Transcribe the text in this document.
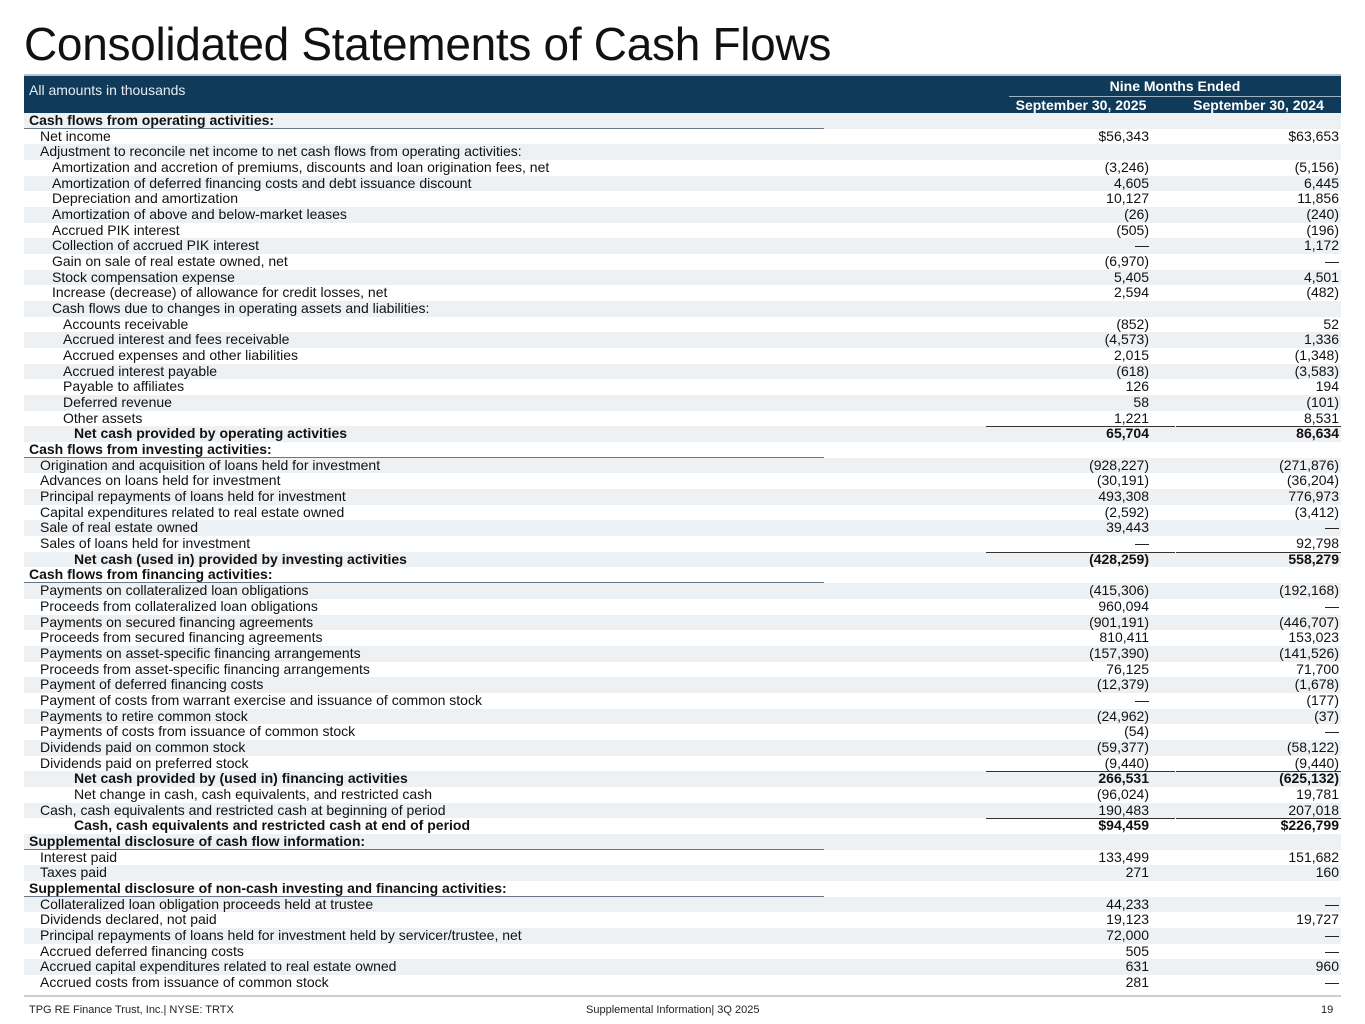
Consolidated Statements of Cash Flows
All amounts in thousands	Nine Months Ended
September 30, 2025	September 30, 2024
Cash flows from operating activities:
Net income	$56,343	$63,653
Adjustment to reconcile net income to net cash flows from operating activities:
Amortization and accretion of premiums, discounts and loan origination fees, net	(3,246)	(5,156)
Amortization of deferred financing costs and debt issuance discount	4,605	6,445
Depreciation and amortization	10,127	11,856
Amortization of above and below-market leases	(26)	(240)
Accrued PIK interest	(505)	(196)
Collection of accrued PIK interest	—	1,172
Gain on sale of real estate owned, net	(6,970)	—
Stock compensation expense	5,405	4,501
Increase (decrease) of allowance for credit losses, net	2,594	(482)
Cash flows due to changes in operating assets and liabilities:
Accounts receivable	(852)	52
Accrued interest and fees receivable	(4,573)	1,336
Accrued expenses and other liabilities	2,015	(1,348)
Accrued interest payable	(618)	(3,583)
Payable to affiliates	126	194
Deferred revenue	58	(101)
Other assets	1,221	8,531
Net cash provided by operating activities	65,704	86,634
Cash flows from investing activities:
Origination and acquisition of loans held for investment	(928,227)	(271,876)
Advances on loans held for investment	(30,191)	(36,204)
Principal repayments of loans held for investment	493,308	776,973
Capital expenditures related to real estate owned	(2,592)	(3,412)
Sale of real estate owned	39,443	—
Sales of loans held for investment	—	92,798
Net cash (used in) provided by investing activities	(428,259)	558,279
Cash flows from financing activities:
Payments on collateralized loan obligations	(415,306)	(192,168)
Proceeds from collateralized loan obligations	960,094	—
Payments on secured financing agreements	(901,191)	(446,707)
Proceeds from secured financing agreements	810,411	153,023
Payments on asset-specific financing arrangements	(157,390)	(141,526)
Proceeds from asset-specific financing arrangements	76,125	71,700
Payment of deferred financing costs	(12,379)	(1,678)
Payment of costs from warrant exercise and issuance of common stock	—	(177)
Payments to retire common stock	(24,962)	(37)
Payments of costs from issuance of common stock	(54)	—
Dividends paid on common stock	(59,377)	(58,122)
Dividends paid on preferred stock	(9,440)	(9,440)
Net cash provided by (used in) financing activities	266,531	(625,132)
Net change in cash, cash equivalents, and restricted cash	(96,024)	19,781
Cash, cash equivalents and restricted cash at beginning of period	190,483	207,018
Cash, cash equivalents and restricted cash at end of period	$94,459	$226,799
Supplemental disclosure of cash flow information:
Interest paid	133,499	151,682
Taxes paid	271	160
Supplemental disclosure of non-cash investing and financing activities:
Collateralized loan obligation proceeds held at trustee	44,233	—
Dividends declared, not paid	19,123	19,727
Principal repayments of loans held for investment held by servicer/trustee, net	72,000	—
Accrued deferred financing costs	505	—
Accrued capital expenditures related to real estate owned	631	960
Accrued costs from issuance of common stock	281	—
TPG RE Finance Trust, Inc.| NYSE: TRTX	Supplemental Information| 3Q 2025	19
